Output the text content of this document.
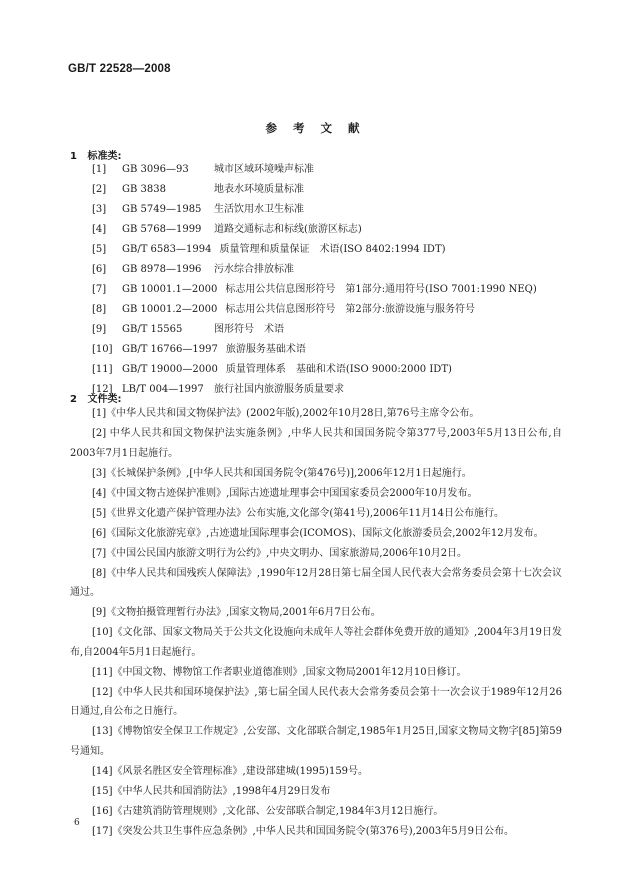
GB/T 22528—2008
参 考 文 献
1 标准类:
[1] GB 3096—93	城市区域环境噪声标准
[2] GB 3838	地表水环境质量标准
[3] GB 5749—1985 生活饮用水卫生标准
[4] GB 5768—1999 道路交通标志和标线(旅游区标志)
[5] GB/T 6583—1994 质量管理和质量保证　术语(ISO 8402:1994 IDT)
[6] GB 8978—1996 污水综合排放标准
[7] GB 10001.1—2000 标志用公共信息图形符号　第1部分:通用符号(ISO 7001:1990 NEQ)
[8] GB 10001.2—2000 标志用公共信息图形符号　第2部分:旅游设施与服务符号
[9] GB/T 15565	图形符号　术语
[10] GB/T 16766—1997 旅游服务基础术语
[11] GB/T 19000—2000 质量管理体系　基础和术语(ISO 9000:2000 IDT)
[12] LB/T 004—1997 旅行社国内旅游服务质量要求
2 文件类:
[1]《中华人民共和国文物保护法》(2002年版),2002年10月28日,第76号主席令公布。
[2] 中华人民共和国文物保护法实施条例》,中华人民共和国国务院令第377号,2003年5月13日公布,自2003年7月1日起施行。
[3]《长城保护条例》,[中华人民共和国国务院令(第476号)],2006年12月1日起施行。
[4]《中国文物古迹保护准则》,国际古迹遗址理事会中国国家委员会2000年10月发布。
[5]《世界文化遗产保护管理办法》公布实施,文化部令(第41号),2006年11月14日公布施行。
[6]《国际文化旅游宪章》,古迹遗址国际理事会(ICOMOS)、国际文化旅游委员会,2002年12月发布。
[7]《中国公民国内旅游文明行为公约》,中央文明办、国家旅游局,2006年10月2日。
[8]《中华人民共和国残疾人保障法》,1990年12月28日第七届全国人民代表大会常务委员会第十七次会议通过。
[9]《文物拍摄管理暂行办法》,国家文物局,2001年6月7日公布。
[10]《文化部、国家文物局关于公共文化设施向未成年人等社会群体免费开放的通知》,2004年3月19日发布,自2004年5月1日起施行。
[11]《中国文物、博物馆工作者职业道德准则》,国家文物局2001年12月10日修订。
[12]《中华人民共和国环境保护法》,第七届全国人民代表大会常务委员会第十一次会议于1989年12月26日通过,自公布之日施行。
[13]《博物馆安全保卫工作规定》,公安部、文化部联合制定,1985年1月25日,国家文物局文物字[85]第59号通知。
[14]《风景名胜区安全管理标准》,建设部建城(1995)159号。
[15]《中华人民共和国消防法》,1998年4月29日发布
[16]《古建筑消防管理规则》,文化部、公安部联合制定,1984年3月12日施行。
[17]《突发公共卫生事件应急条例》,中华人民共和国国务院令(第376号),2003年5月9日公布。
6
